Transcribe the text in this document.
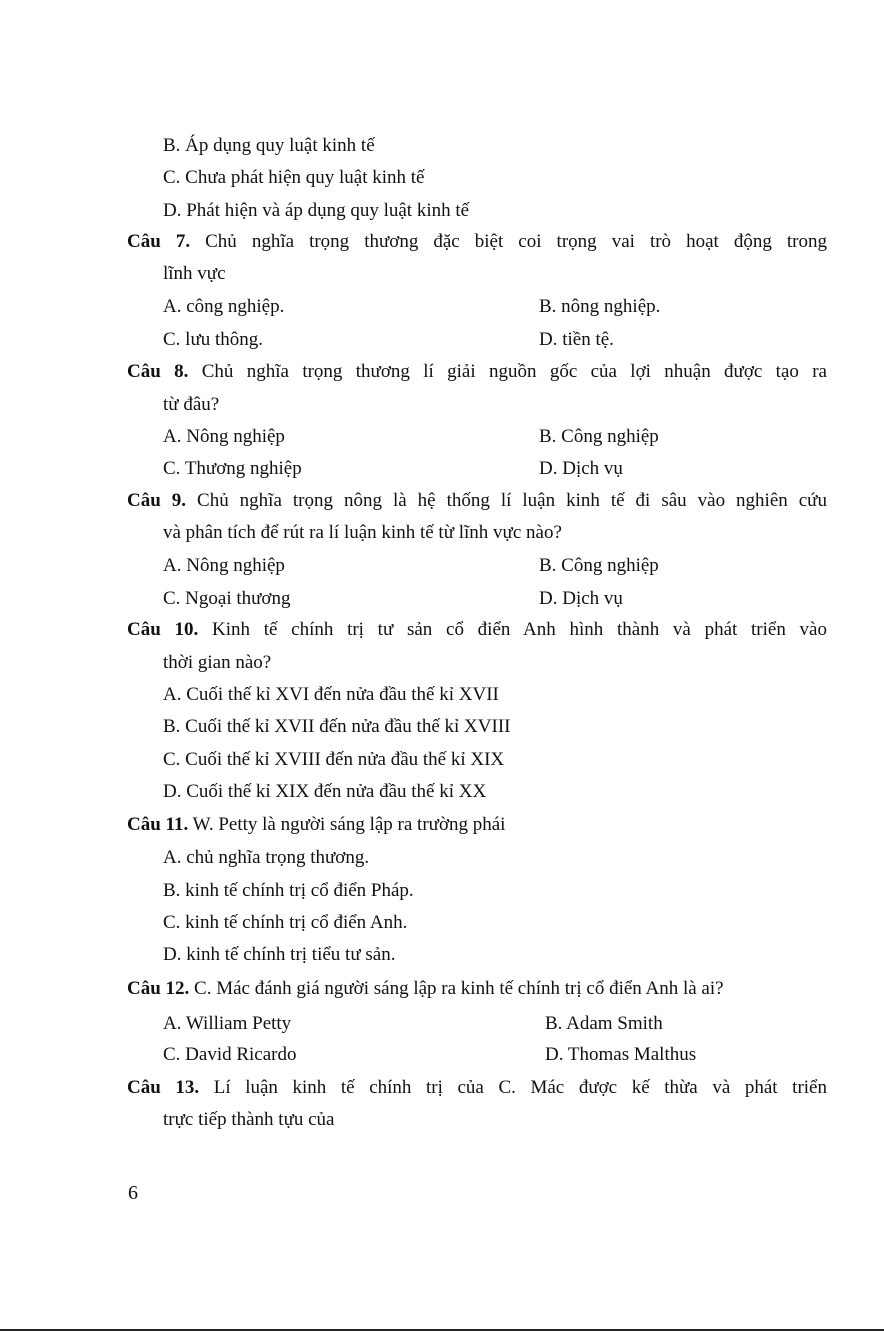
B. Áp dụng quy luật kinh tế
C. Chưa phát hiện quy luật kinh tế
D. Phát hiện và áp dụng quy luật kinh tế
Câu 7. Chủ nghĩa trọng thương đặc biệt coi trọng vai trò hoạt động trong
lĩnh vực
A. công nghiệp.	B. nông nghiệp.
C. lưu thông.	D. tiền tệ.
Câu 8. Chủ nghĩa trọng thương lí giải nguồn gốc của lợi nhuận được tạo ra
từ đâu?
A. Nông nghiệp	B. Công nghiệp
C. Thương nghiệp	D. Dịch vụ
Câu 9. Chủ nghĩa trọng nông là hệ thống lí luận kinh tế đi sâu vào nghiên cứu
và phân tích để rút ra lí luận kinh tế từ lĩnh vực nào?
A. Nông nghiệp	B. Công nghiệp
C. Ngoại thương	D. Dịch vụ
Câu 10. Kinh tế chính trị tư sản cổ điển Anh hình thành và phát triển vào
thời gian nào?
A. Cuối thế kỉ XVI đến nửa đầu thế kỉ XVII
B. Cuối thế kỉ XVII đến nửa đầu thế kỉ XVIII
C. Cuối thế kỉ XVIII đến nửa đầu thế kỉ XIX
D. Cuối thế kỉ XIX đến nửa đầu thế kỉ XX
Câu 11. W. Petty là người sáng lập ra trường phái
A. chủ nghĩa trọng thương.
B. kinh tế chính trị cổ điển Pháp.
C. kinh tế chính trị cổ điển Anh.
D. kinh tế chính trị tiểu tư sản.
Câu 12. C. Mác đánh giá người sáng lập ra kinh tế chính trị cổ điển Anh là ai?
A. William Petty	B. Adam Smith
C. David Ricardo	D. Thomas Malthus
Câu 13. Lí luận kinh tế chính trị của C. Mác được kế thừa và phát triển
trực tiếp thành tựu của
6
